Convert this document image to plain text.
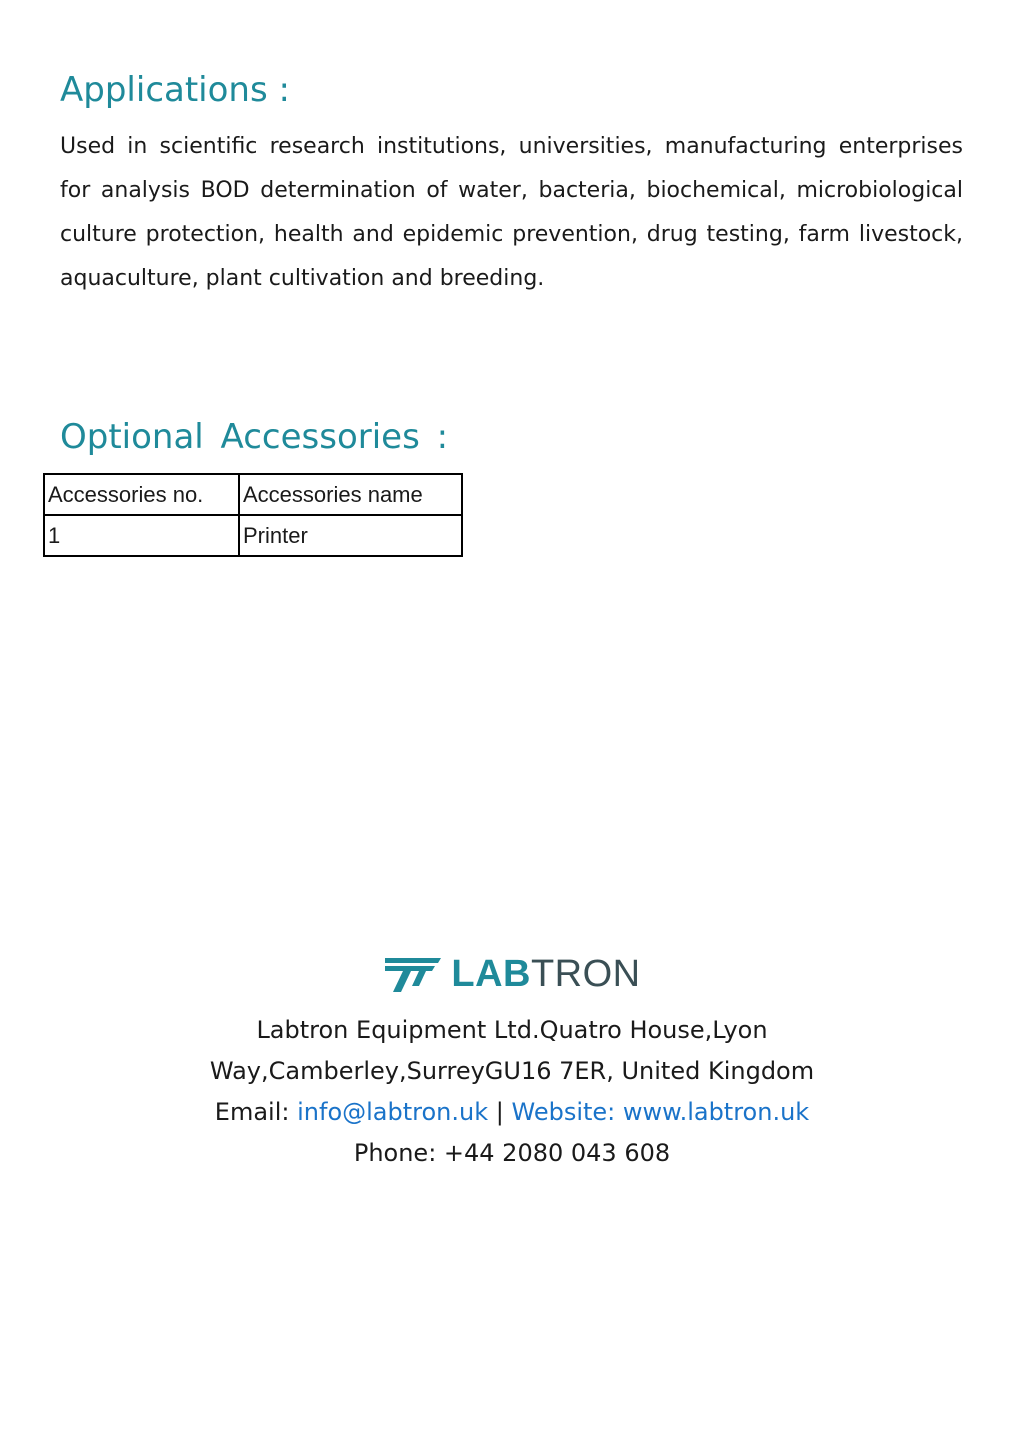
Applications :

Used in scientific research institutions, universities, manufacturing enterprises for analysis BOD determination of water, bacteria, biochemical, microbiological culture protection, health and epidemic prevention, drug testing, farm livestock, aquaculture, plant cultivation and breeding.

Optional Accessories :
Accessories no.	Accessories name
1	Printer
LABTRON
Labtron Equipment Ltd.Quatro House,Lyon
Way,Camberley,SurreyGU16 7ER, United Kingdom
Email: info@labtron.uk | Website: www.labtron.uk
Phone: +44 2080 043 608
